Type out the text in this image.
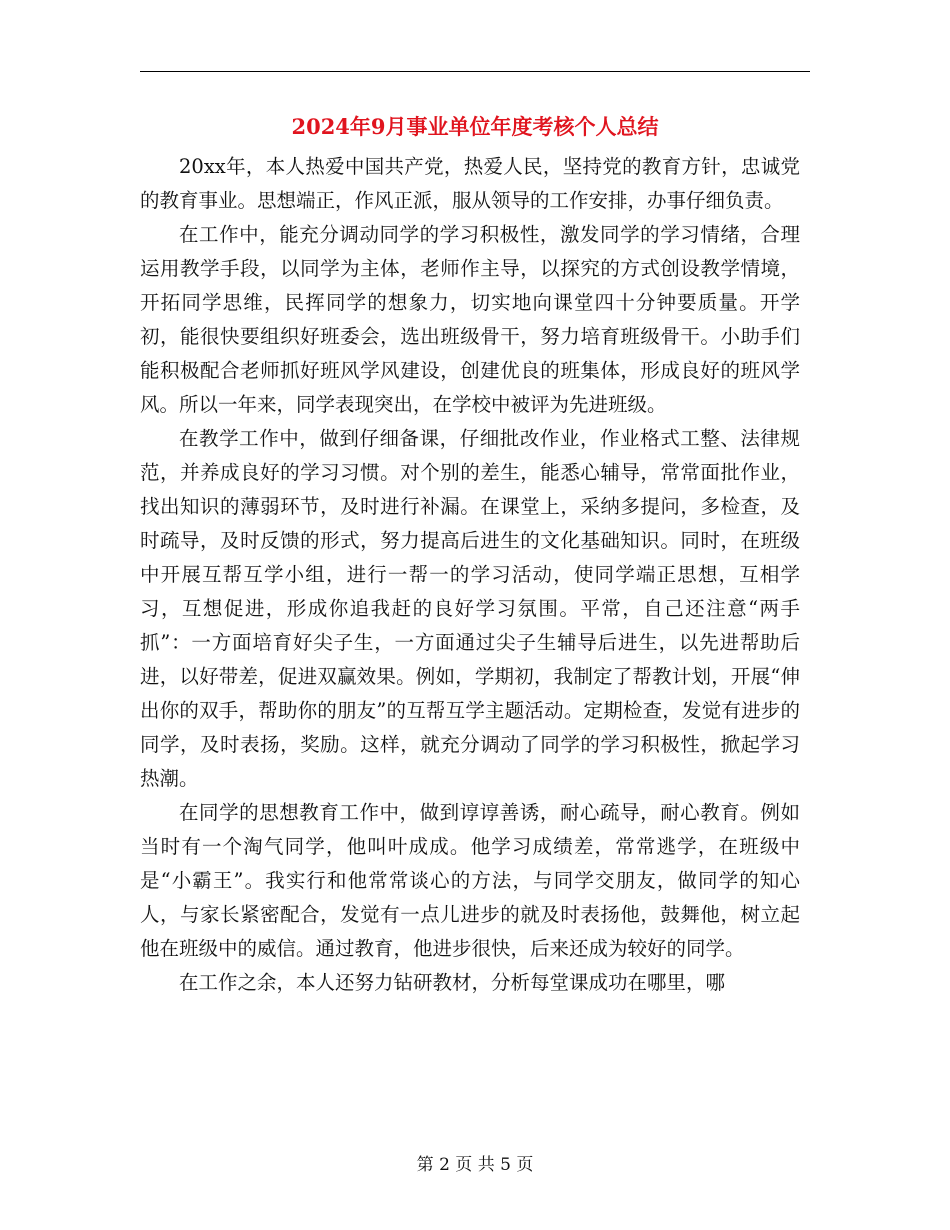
2024年9月事业单位年度考核个人总结

20xx年，本人热爱中国共产党，热爱人民，坚持党的教育方针，忠诚党的教育事业。思想端正，作风正派，服从领导的工作安排，办事仔细负责。

在工作中，能充分调动同学的学习积极性，激发同学的学习情绪，合理运用教学手段，以同学为主体，老师作主导，以探究的方式创设教学情境，开拓同学思维，民挥同学的想象力，切实地向课堂四十分钟要质量。开学初，能很快要组织好班委会，选出班级骨干，努力培育班级骨干。小助手们能积极配合老师抓好班风学风建设，创建优良的班集体，形成良好的班风学风。所以一年来，同学表现突出，在学校中被评为先进班级。

在教学工作中，做到仔细备课，仔细批改作业，作业格式工整、法律规范，并养成良好的学习习惯。对个别的差生，能悉心辅导，常常面批作业，找出知识的薄弱环节，及时进行补漏。在课堂上，采纳多提问，多检查，及时疏导，及时反馈的形式，努力提高后进生的文化基础知识。同时，在班级中开展互帮互学小组，进行一帮一的学习活动，使同学端正思想，互相学习，互想促进，形成你追我赶的良好学习氛围。平常，自己还注意“两手抓”：一方面培育好尖子生，一方面通过尖子生辅导后进生，以先进帮助后进，以好带差，促进双赢效果。例如，学期初，我制定了帮教计划，开展“伸出你的双手，帮助你的朋友”的互帮互学主题活动。定期检查，发觉有进步的同学，及时表扬，奖励。这样，就充分调动了同学的学习积极性，掀起学习热潮。

在同学的思想教育工作中，做到谆谆善诱，耐心疏导，耐心教育。例如当时有一个淘气同学，他叫叶成成。他学习成绩差，常常逃学，在班级中是“小霸王”。我实行和他常常谈心的方法，与同学交朋友，做同学的知心人，与家长紧密配合，发觉有一点儿进步的就及时表扬他，鼓舞他，树立起他在班级中的威信。通过教育，他进步很快，后来还成为较好的同学。

在工作之余，本人还努力钻研教材，分析每堂课成功在哪里，哪

第 2 页 共 5 页
